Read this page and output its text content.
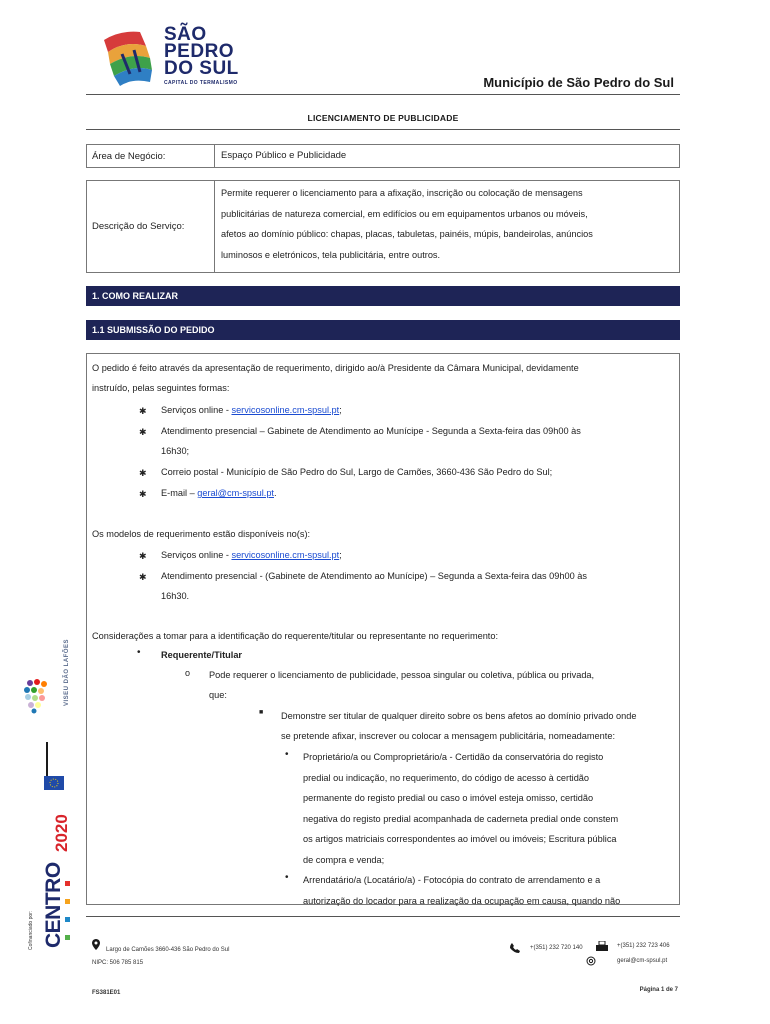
SÃO
PEDRO
DO SUL
CAPITAL DO TERMALISMO	Município de São Pedro do Sul
LICENCIAMENTO DE PUBLICIDADE
Área de Negócio:	Espaço Público e Publicidade
Descrição do Serviço:
Permite requerer o licenciamento para a afixação, inscrição ou colocação de mensagens
publicitárias de natureza comercial, em edifícios ou em equipamentos urbanos ou móveis,
afetos ao domínio público: chapas, placas, tabuletas, painéis, múpis, bandeirolas, anúncios
luminosos e eletrónicos, tela publicitária, entre outros.
1. COMO REALIZAR
1.1 SUBMISSÃO DO PEDIDO
O pedido é feito através da apresentação de requerimento, dirigido ao/à Presidente da Câmara Municipal, devidamente
instruído, pelas seguintes formas:
✱ Serviços online - servicosonline.cm-spsul.pt;
✱ Atendimento presencial – Gabinete de Atendimento ao Munícipe - Segunda a Sexta-feira das 09h00 às
16h30;
✱ Correio postal - Município de São Pedro do Sul, Largo de Camões, 3660-436 São Pedro do Sul;
✱ E-mail – geral@cm-spsul.pt.
Os modelos de requerimento estão disponíveis no(s):
✱ Serviços online - servicosonline.cm-spsul.pt;
✱ Atendimento presencial - (Gabinete de Atendimento ao Munícipe) – Segunda a Sexta-feira das 09h00 às
16h30.
Considerações a tomar para a identificação do requerente/titular ou representante no requerimento:
• Requerente/Titular
o Pode requerer o licenciamento de publicidade, pessoa singular ou coletiva, pública ou privada,
que:
■ Demonstre ser titular de qualquer direito sobre os bens afetos ao domínio privado onde
se pretende afixar, inscrever ou colocar a mensagem publicitária, nomeadamente:
• Proprietário/a ou Comproprietário/a - Certidão da conservatória do registo
predial ou indicação, no requerimento, do código de acesso à certidão
permanente do registo predial ou caso o imóvel esteja omisso, certidão
negativa do registo predial acompanhada de caderneta predial onde constem
os artigos matriciais correspondentes ao imóvel ou imóveis; Escritura pública
de compra e venda;
• Arrendatário/a (Locatário/a) - Fotocópia do contrato de arrendamento e a
autorização do locador para a realização da ocupação em causa, quando não
VISEU DÃO LAFÕES
2020
Cofinanciado por: CENTRO

Largo de Camões 3660-436 São Pedro do Sul
NIPC: 506 785 815
+(351) 232 720 140	+(351) 232 723 406
geral@cm-spsul.pt
FS381E01	Página 1 de 7
